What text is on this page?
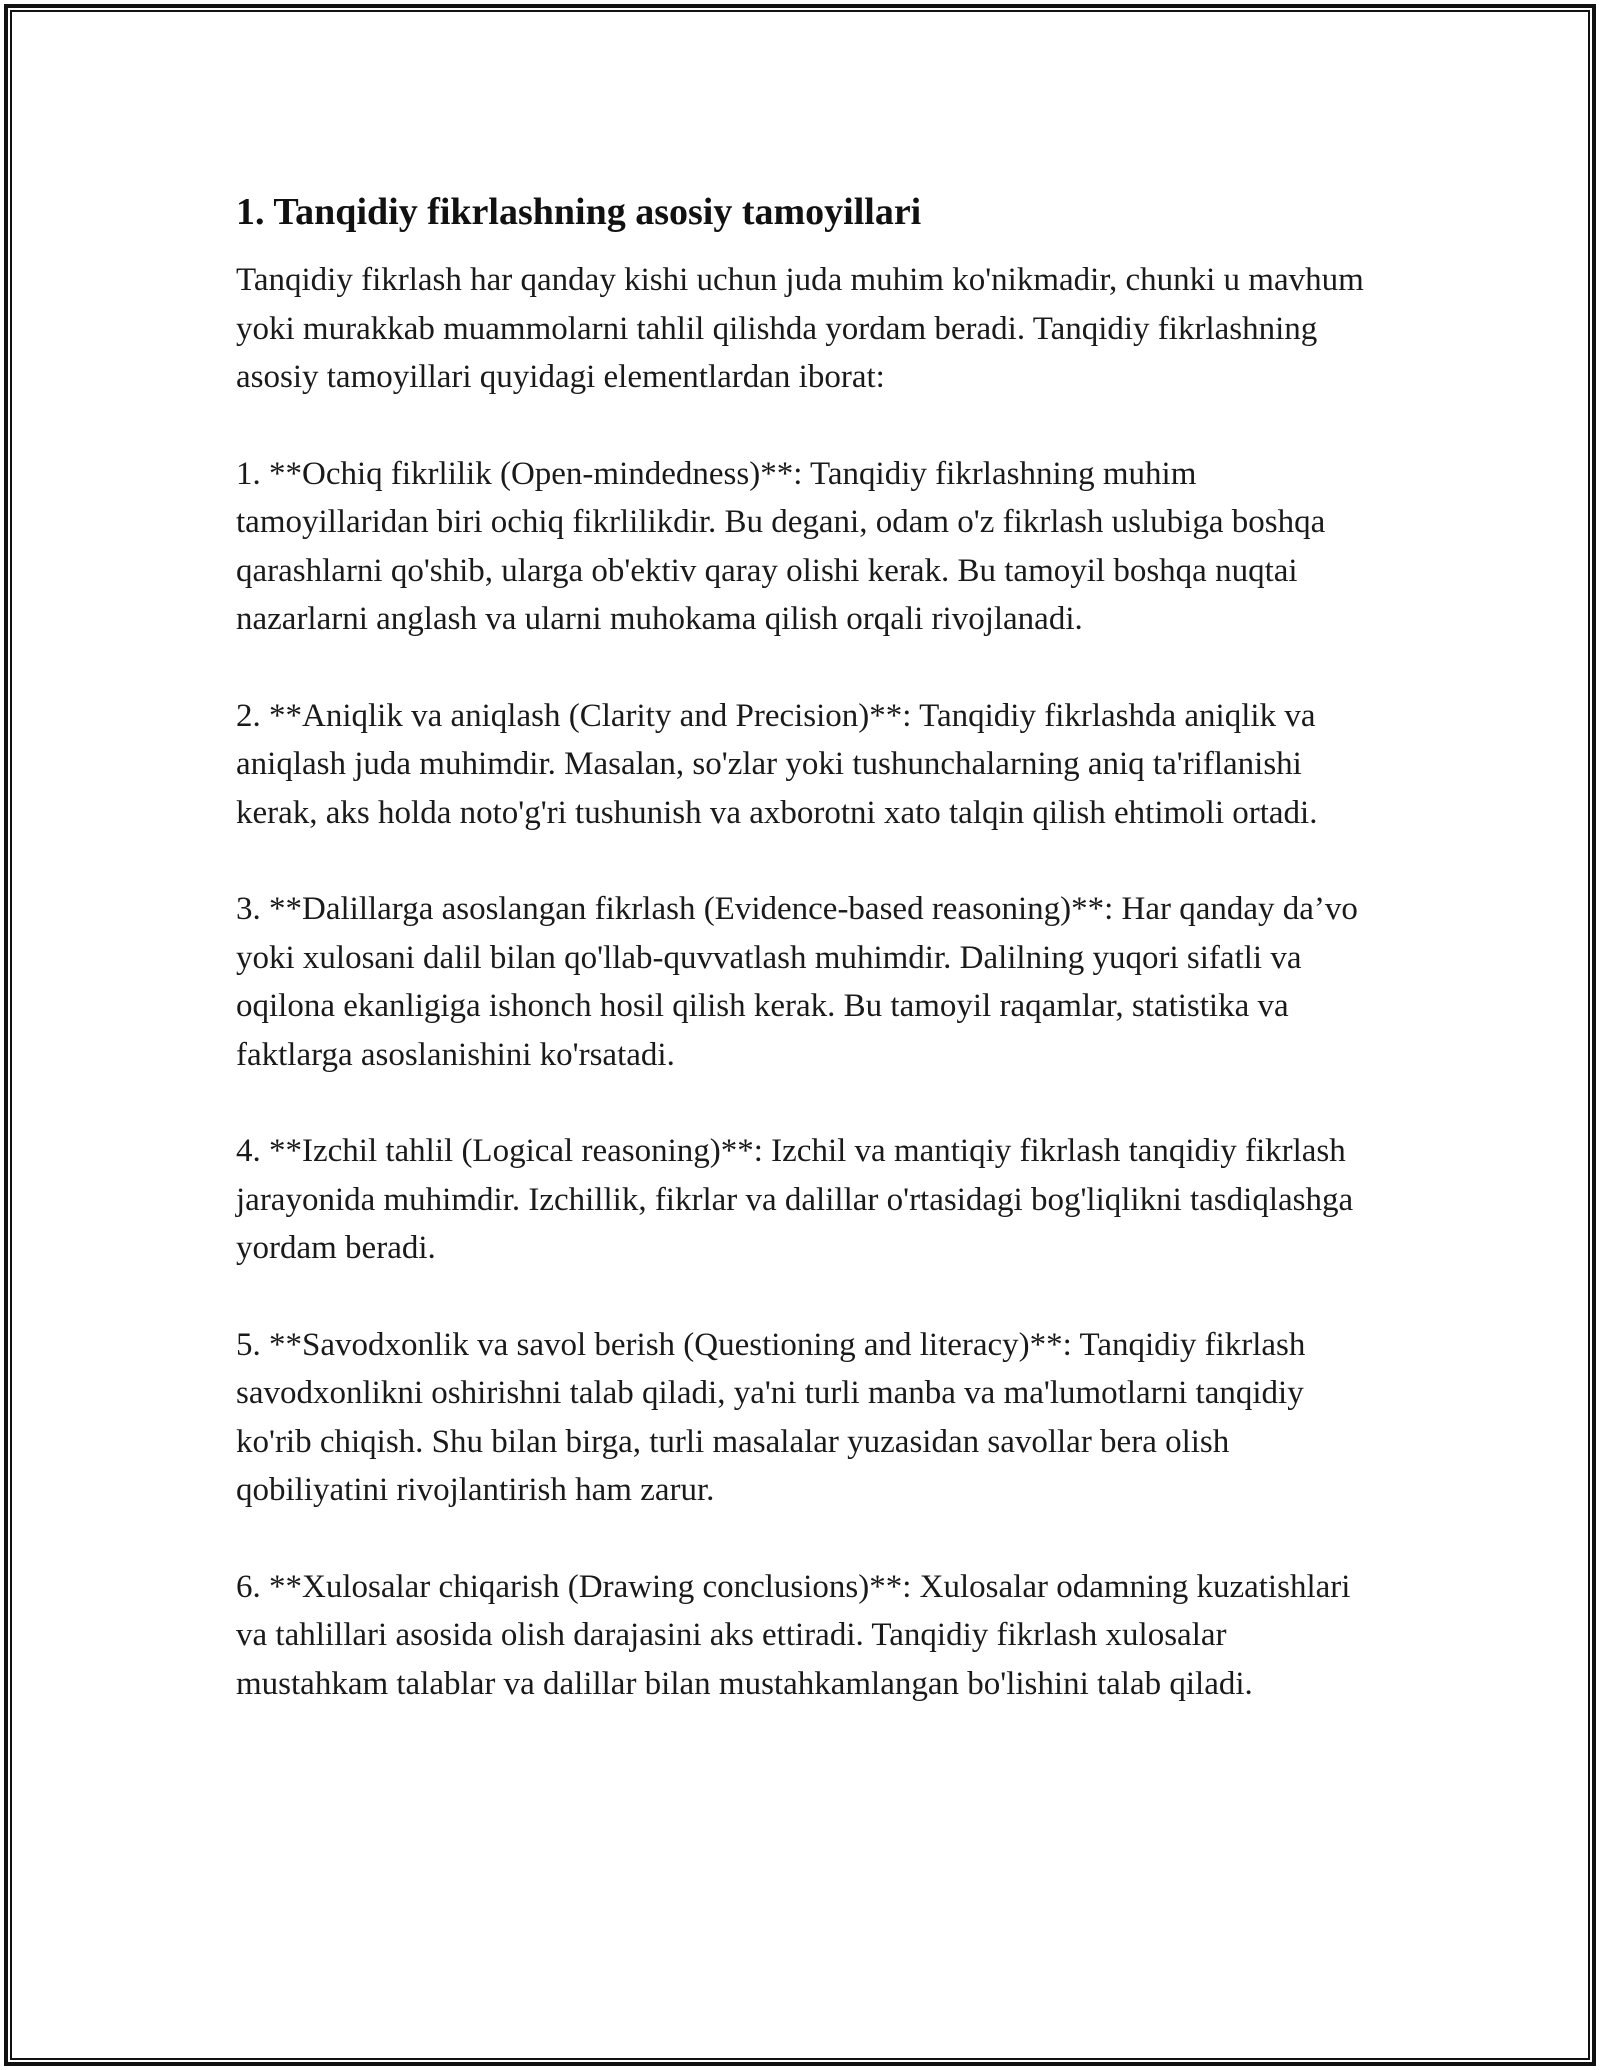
1. Tanqidiy fikrlashning asosiy tamoyillari

Tanqidiy fikrlash har qanday kishi uchun juda muhim ko'nikmadir, chunki u mavhum yoki murakkab muammolarni tahlil qilishda yordam beradi. Tanqidiy fikrlashning asosiy tamoyillari quyidagi elementlardan iborat:

1. **Ochiq fikrlilik (Open-mindedness)**: Tanqidiy fikrlashning muhim tamoyillaridan biri ochiq fikrlilikdir. Bu degani, odam o'z fikrlash uslubiga boshqa qarashlarni qo'shib, ularga ob'ektiv qaray olishi kerak. Bu tamoyil boshqa nuqtai nazarlarni anglash va ularni muhokama qilish orqali rivojlanadi.

2. **Aniqlik va aniqlash (Clarity and Precision)**: Tanqidiy fikrlashda aniqlik va aniqlash juda muhimdir. Masalan, so'zlar yoki tushunchalarning aniq ta'riflanishi kerak, aks holda noto'g'ri tushunish va axborotni xato talqin qilish ehtimoli ortadi.

3. **Dalillarga asoslangan fikrlash (Evidence-based reasoning)**: Har qanday da’vo yoki xulosani dalil bilan qo'llab-quvvatlash muhimdir. Dalilning yuqori sifatli va oqilona ekanligiga ishonch hosil qilish kerak. Bu tamoyil raqamlar, statistika va faktlarga asoslanishini ko'rsatadi.

4. **Izchil tahlil (Logical reasoning)**: Izchil va mantiqiy fikrlash tanqidiy fikrlash jarayonida muhimdir. Izchillik, fikrlar va dalillar o'rtasidagi bog'liqlikni tasdiqlashga yordam beradi.

5. **Savodxonlik va savol berish (Questioning and literacy)**: Tanqidiy fikrlash savodxonlikni oshirishni talab qiladi, ya'ni turli manba va ma'lumotlarni tanqidiy ko'rib chiqish. Shu bilan birga, turli masalalar yuzasidan savollar bera olish qobiliyatini rivojlantirish ham zarur.

6. **Xulosalar chiqarish (Drawing conclusions)**: Xulosalar odamning kuzatishlari va tahlillari asosida olish darajasini aks ettiradi. Tanqidiy fikrlash xulosalar mustahkam talablar va dalillar bilan mustahkamlangan bo'lishini talab qiladi.
